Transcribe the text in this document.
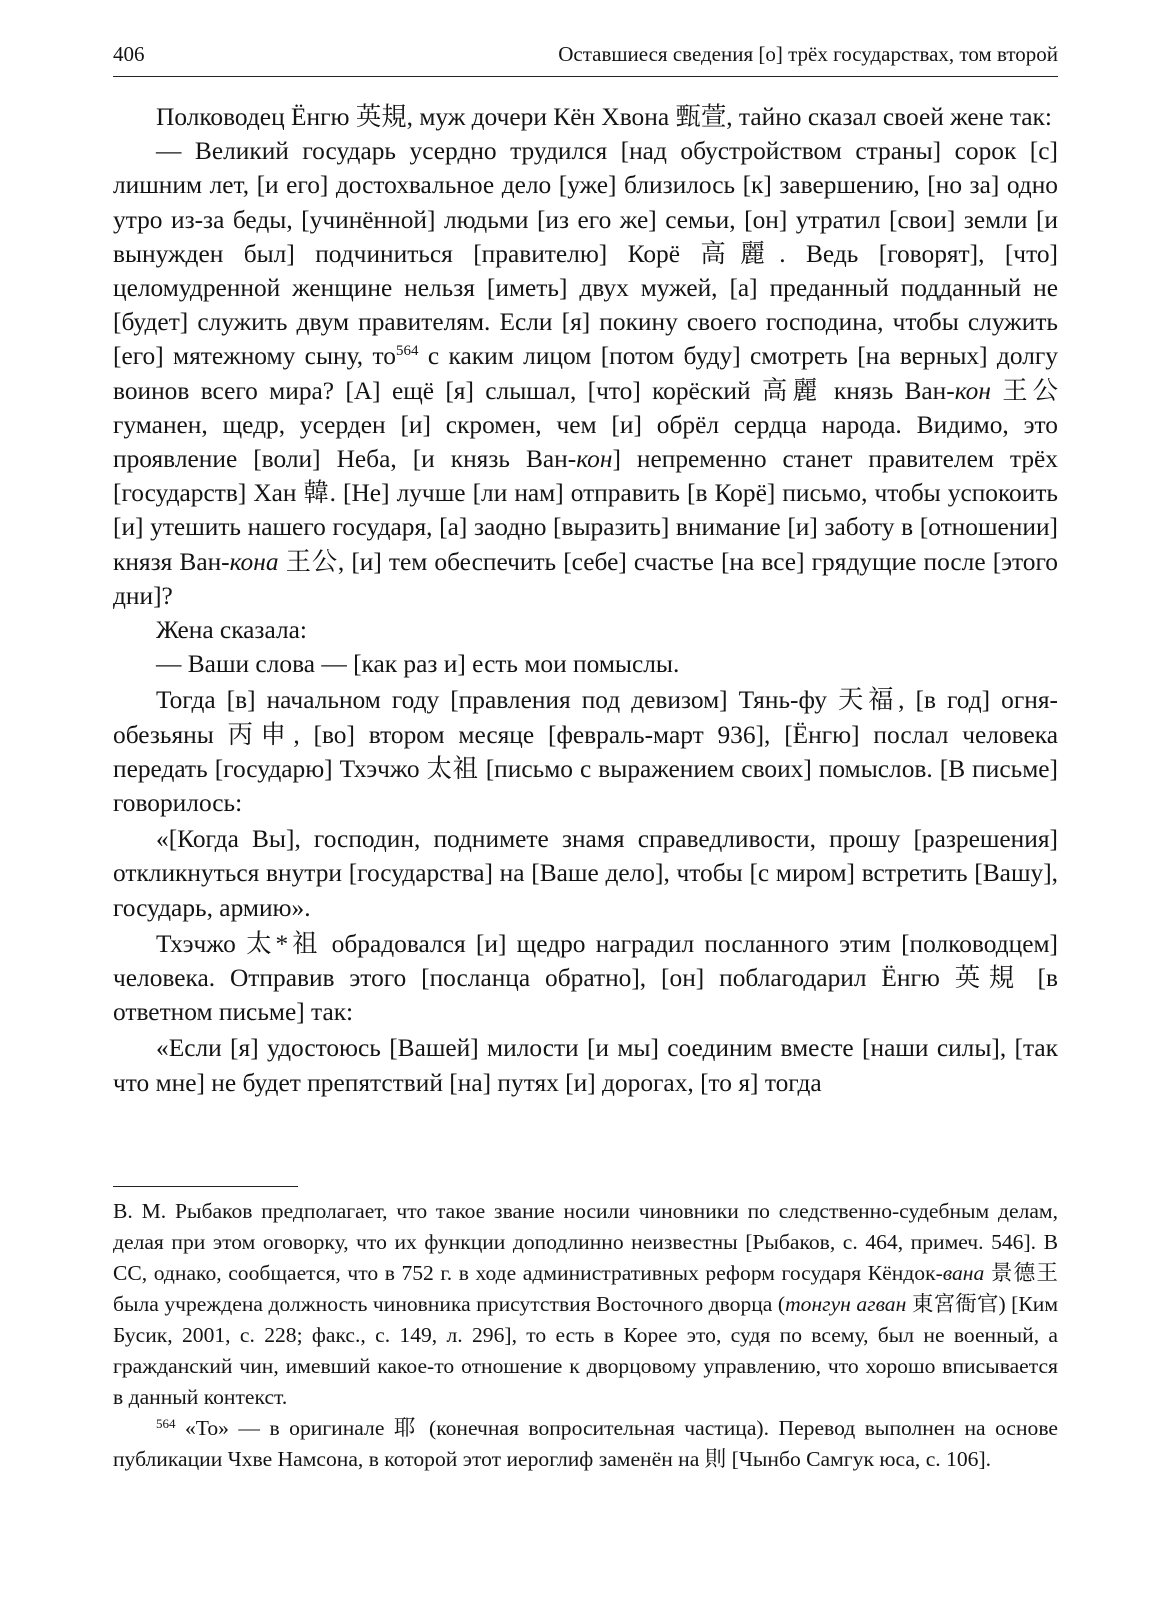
406	Оставшиеся сведения [о] трёх государствах, том второй

Полководец Ёнгю 英規, муж дочери Кён Хвона 甄萱, тайно сказал своей жене так:

— Великий государь усердно трудился [над обустройством страны] сорок [с] лишним лет, [и его] достохвальное дело [уже] близилось [к] завершению, [но за] одно утро из-за беды, [учинённой] людьми [из его же] семьи, [он] утратил [свои] земли [и вынужден был] подчиниться [правителю] Корё 高麗. Ведь [говорят], [что] целомудренной женщине нельзя [иметь] двух мужей, [а] преданный подданный не [будет] служить двум правителям. Если [я] покину своего господина, чтобы служить [его] мятежному сыну, то$^{564}$ с каким лицом [потом буду] смотреть [на верных] долгу воинов всего мира? [А] ещё [я] слышал, [что] корёский 高麗 князь Ван-кон 王公 гуманен, щедр, усерден [и] скромен, чем [и] обрёл сердца народа. Видимо, это проявление [воли] Неба, [и князь Ван-кон] непременно станет правителем трёх [государств] Хан 韓. [Не] лучше [ли нам] отправить [в Корё] письмо, чтобы успокоить [и] утешить нашего государя, [а] заодно [выразить] внимание [и] заботу в [отношении] князя Ван-кона 王公, [и] тем обеспечить [себе] счастье [на все] грядущие после [этого дни]?

Жена сказала:

— Ваши слова — [как раз и] есть мои помыслы.

Тогда [в] начальном году [правления под девизом] Тянь-фу 天福, [в год] огня-обезьяны 丙申, [во] втором месяце [февраль-март 936], [Ёнгю] послал человека передать [государю] Тхэчжо 太祖 [письмо с выражением своих] помыслов. [В письме] говорилось:

«[Когда Вы], господин, поднимете знамя справедливости, прошу [разрешения] откликнуться внутри [государства] на [Ваше дело], чтобы [с миром] встретить [Вашу], государь, армию».

Тхэчжо 太*祖 обрадовался [и] щедро наградил посланного этим [полководцем] человека. Отправив этого [посланца обратно], [он] поблагодарил Ёнгю 英規 [в ответном письме] так:

«Если [я] удостоюсь [Вашей] милости [и мы] соединим вместе [наши силы], [так что мне] не будет препятствий [на] путях [и] дорогах, [то я] тогда

В. М. Рыбаков предполагает, что такое звание носили чиновники по следственно-судебным делам, делая при этом оговорку, что их функции доподлинно неизвестны [Рыбаков, с. 464, примеч. 546]. В СС, однако, сообщается, что в 752 г. в ходе административных реформ государя Кёндок-вана 景德王 была учреждена должность чиновника присутствия Восточного дворца (тонгун агван 東宮衙官) [Ким Бусик, 2001, с. 228; факс., с. 149, л. 296], то есть в Корее это, судя по всему, был не военный, а гражданский чин, имевший какое-то отношение к дворцовому управлению, что хорошо вписывается в данный контекст.

$^{564}$ «То» — в оригинале 耶 (конечная вопросительная частица). Перевод выполнен на основе публикации Чхве Намсона, в которой этот иероглиф заменён на 則 [Чынбо Самгук юса, с. 106].
